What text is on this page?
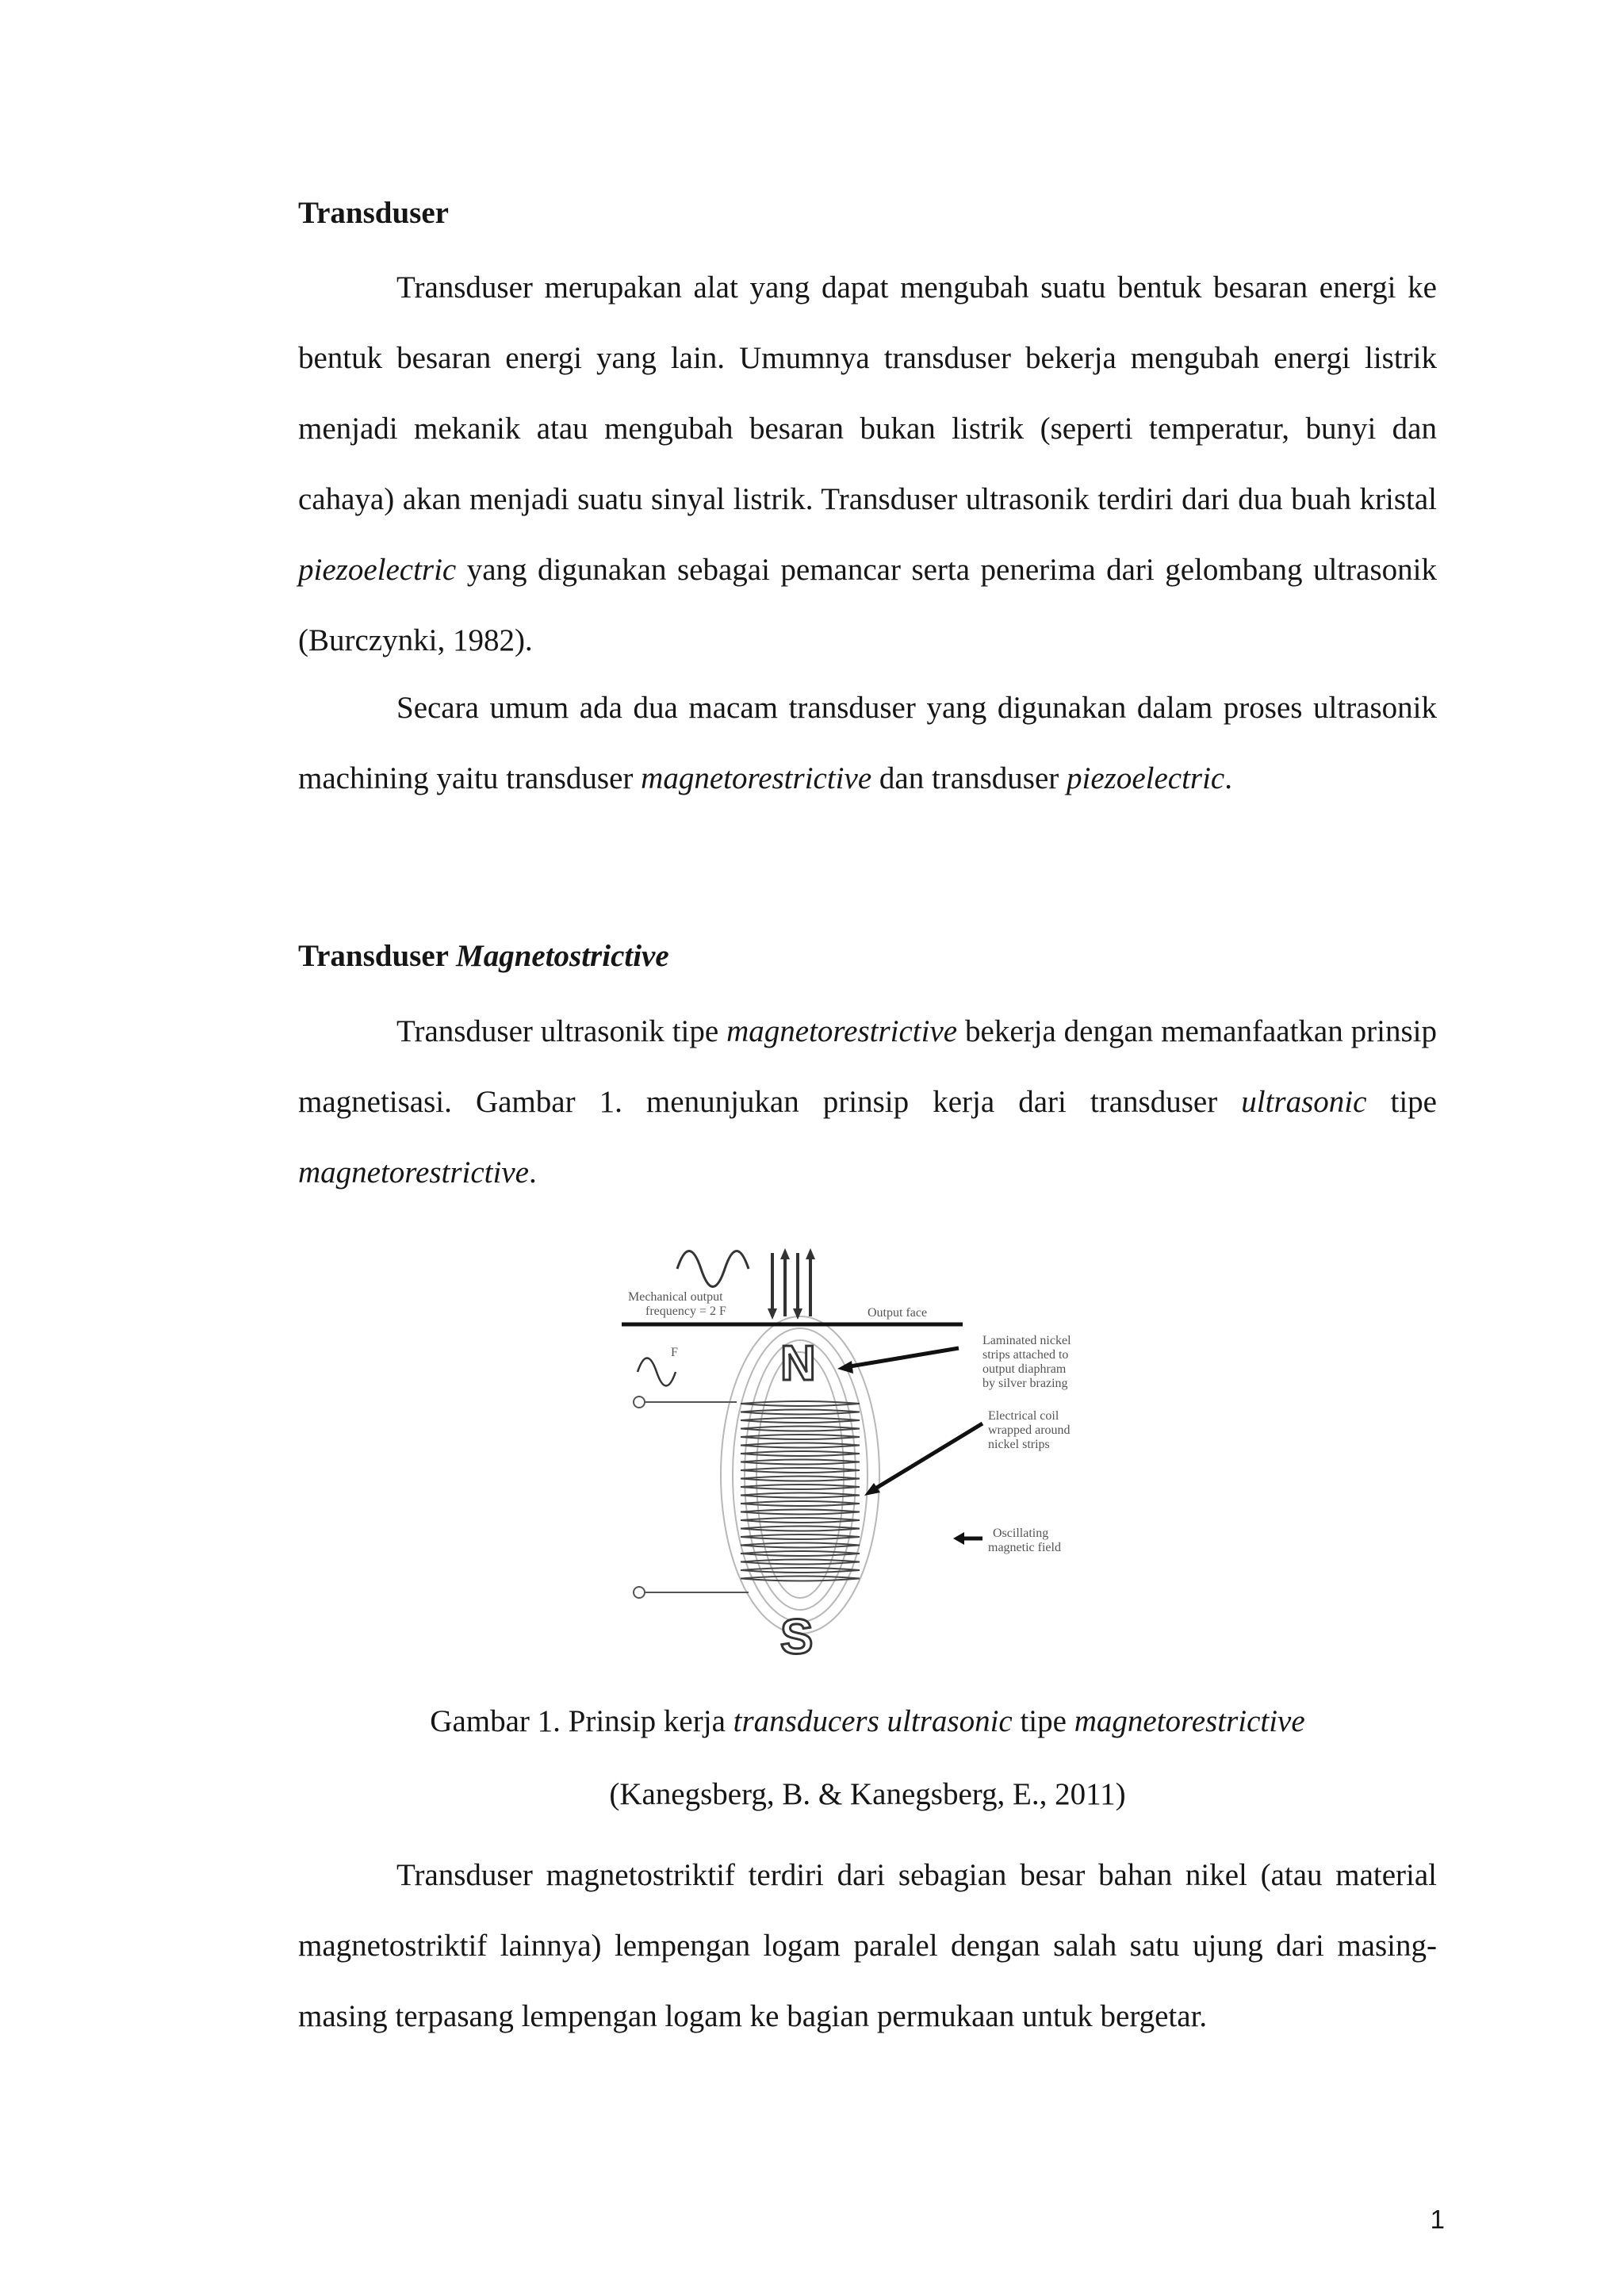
Transduser

Transduser merupakan alat yang dapat mengubah suatu bentuk besaran energi ke bentuk besaran energi yang lain. Umumnya transduser bekerja mengubah energi listrik menjadi mekanik atau mengubah besaran bukan listrik (seperti temperatur, bunyi dan cahaya) akan menjadi suatu sinyal listrik. Transduser ultrasonik terdiri dari dua buah kristal piezoelectric yang digunakan sebagai pemancar serta penerima dari gelombang ultrasonik (Burczynki, 1982).

Secara umum ada dua macam transduser yang digunakan dalam proses ultrasonik machining yaitu transduser magnetorestrictive dan transduser piezoelectric.

Transduser Magnetostrictive

Transduser ultrasonik tipe magnetorestrictive bekerja dengan memanfaatkan prinsip magnetisasi. Gambar 1. menunjukan prinsip kerja dari transduser ultrasonic tipe magnetorestrictive.

Mechanical output
frequency = 2 F	Output face
N
F
S
Laminated nickel
strips attached to
output diaphram
by silver brazing
Electrical coil
wrapped around
nickel strips
Oscillating
magnetic field

Gambar 1. Prinsip kerja transducers ultrasonic tipe magnetorestrictive

(Kanegsberg, B. & Kanegsberg, E., 2011)

Transduser magnetostriktif terdiri dari sebagian besar bahan nikel (atau material magnetostriktif lainnya) lempengan logam paralel dengan salah satu ujung dari masing-masing terpasang lempengan logam ke bagian permukaan untuk bergetar.

1
